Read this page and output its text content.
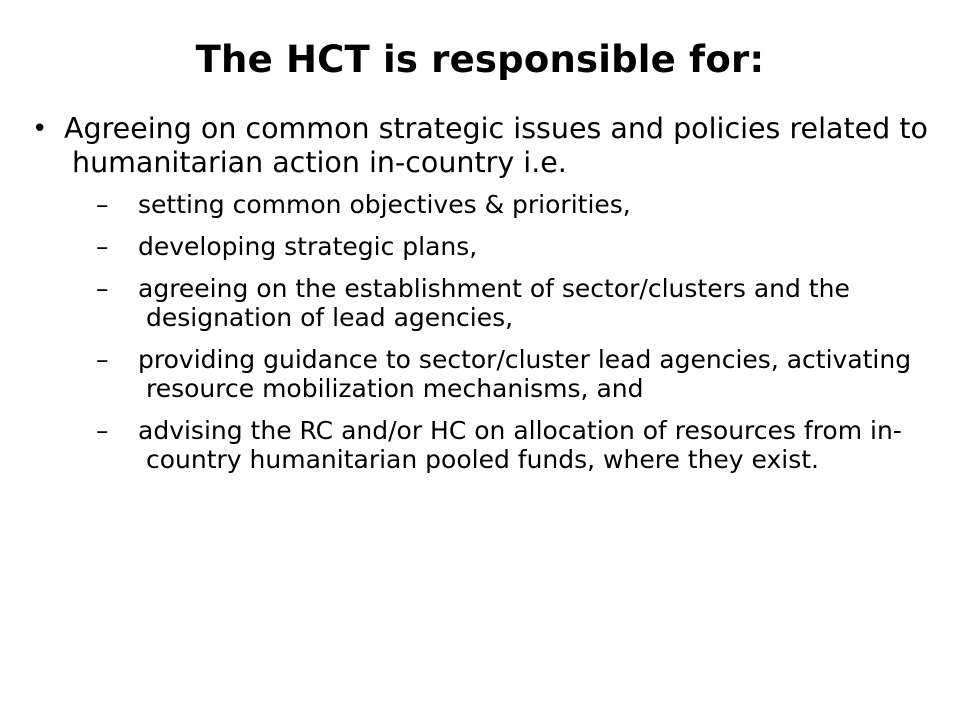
The HCT is responsible for:
• Agreeing on common strategic issues and policies related to humanitarian action in-country i.e.
–	setting common objectives & priorities,
–	developing strategic plans,
–	agreeing on the establishment of sector/clusters and the designation of lead agencies,
–	providing guidance to sector/cluster lead agencies, activating resource mobilization mechanisms, and
–	advising the RC and/or HC on allocation of resources from in-country humanitarian pooled funds, where they exist.
